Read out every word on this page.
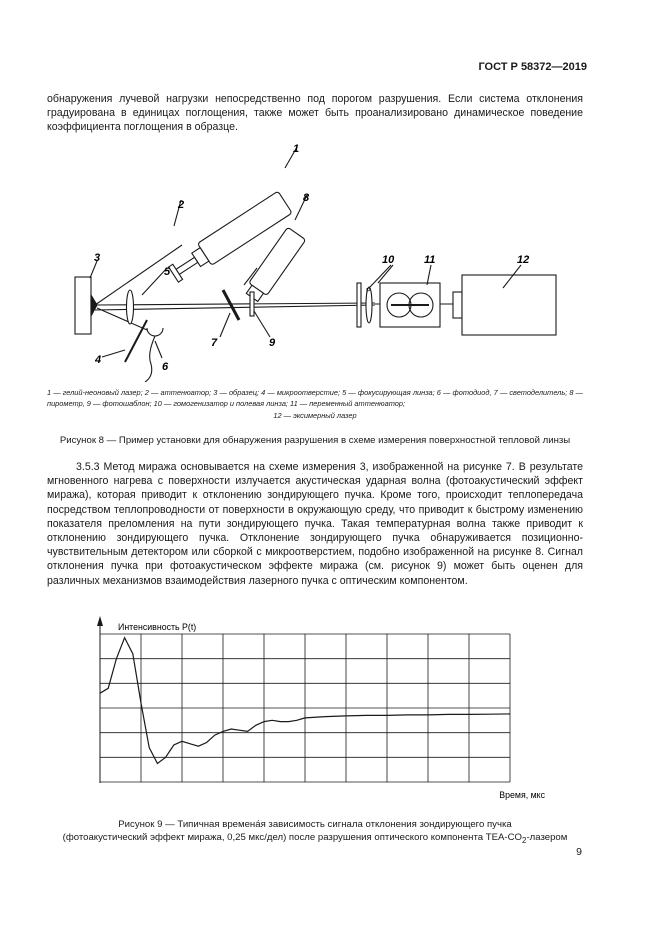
ГОСТ Р 58372—2019

обнаружения лучевой нагрузки непосредственно под порогом разрушения. Если система отклонения градуирована в единицах поглощения, также может быть проанализировано динамическое поведение коэффициента поглощения в образце.

1
2
3
4
5
6
7
8
9
10	11	12
P

1 — гелий-неоновый лазер; 2 — аттенюатор; 3 — образец; 4 — микроотверстие; 5 — фокусирующая линза; 6 — фотодиод, 7 — светоделитель; 8 — пирометр, 9 — фотошаблон; 10 — гомогенизатор и полевая линза; 11 — переменный аттенюатор;

12 — эксимерный лазер

Рисунок 8 — Пример установки для обнаружения разрушения в схеме измерения поверхностной тепловой линзы

3.5.3 Метод миража основывается на схеме измерения 3, изображенной на рисунке 7. В результате мгновенного нагрева с поверхности излучается акустическая ударная волна (фотоакустический эффект миража), которая приводит к отклонению зондирующего пучка. Кроме того, происходит теплопередача посредством теплопроводности от поверхности в окружающую среду, что приводит к быстрому изменению показателя преломления на пути зондирующего пучка. Такая температурная волна также приводит к отклонению зондирующего пучка. Отклонение зондирующего пучка обнаруживается позиционно-чувствительным детектором или сборкой с микроотверстием, подобно изображенной на рисунке 8. Сигнал отклонения пучка при фотоакустическом эффекте миража (см. рисунок 9) может быть оценен для различных механизмов взаимодействия лазерного пучка с оптическим компонентом.

Интенсивность P(t)
Время, мкс

Рисунок 9 — Типичная времена́я зависимость сигнала отклонения зондирующего пучка
(фотоакустический эффект миража, 0,25 мкс/дел) после разрушения оптического компонента TEA-$CO_2$-лазером

9
